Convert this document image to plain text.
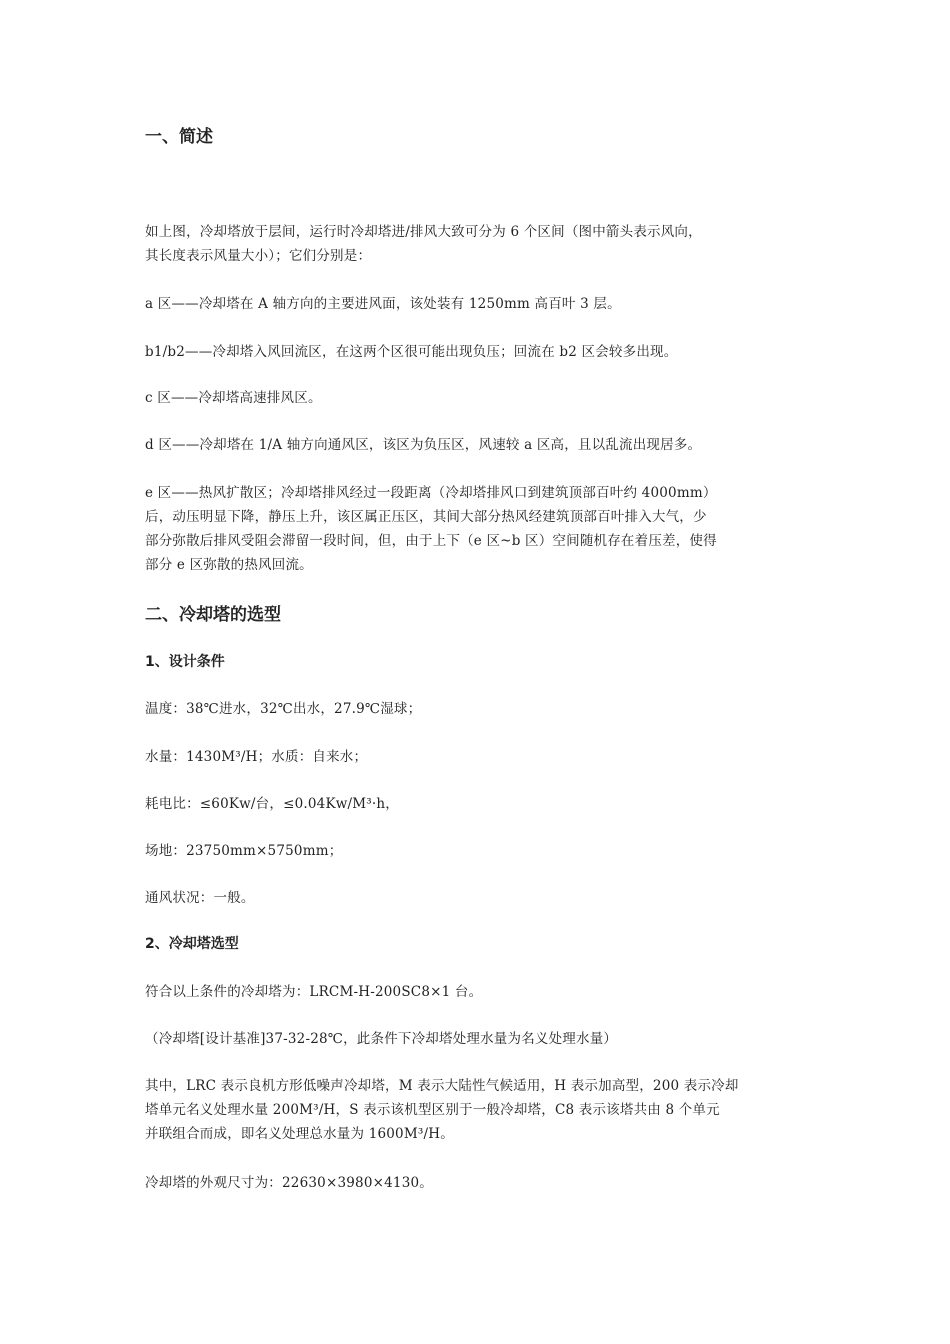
一、简述
如上图，冷却塔放于层间，运行时冷却塔进/排风大致可分为 6 个区间（图中箭头表示风向，
其长度表示风量大小）；它们分别是：
a 区——冷却塔在 A 轴方向的主要进风面，该处装有 1250mm 高百叶 3 层。
b1/b2——冷却塔入风回流区，在这两个区很可能出现负压；回流在 b2 区会较多出现。
c 区——冷却塔高速排风区。
d 区——冷却塔在 1/A 轴方向通风区，该区为负压区，风速较 a 区高，且以乱流出现居多。
e 区——热风扩散区；冷却塔排风经过一段距离（冷却塔排风口到建筑顶部百叶约 4000mm）
后，动压明显下降，静压上升，该区属正压区，其间大部分热风经建筑顶部百叶排入大气，少
部分弥散后排风受阻会滞留一段时间，但，由于上下（e 区~b 区）空间随机存在着压差，使得
部分 e 区弥散的热风回流。
二、冷却塔的选型
1、设计条件
温度：38℃进水，32℃出水，27.9℃湿球；
水量：1430M³/H；水质：自来水；
耗电比：≤60Kw/台，≤0.04Kw/M³·h，
场地：23750mm×5750mm；
通风状况：一般。
2、冷却塔选型
符合以上条件的冷却塔为：LRCM-H-200SC8×1 台。
（冷却塔[设计基准]37-32-28℃，此条件下冷却塔处理水量为名义处理水量）
其中，LRC 表示良机方形低噪声冷却塔，M 表示大陆性气候适用，H 表示加高型，200 表示冷却
塔单元名义处理水量 200M³/H，S 表示该机型区别于一般冷却塔，C8 表示该塔共由 8 个单元
并联组合而成，即名义处理总水量为 1600M³/H。
冷却塔的外观尺寸为：22630×3980×4130。
